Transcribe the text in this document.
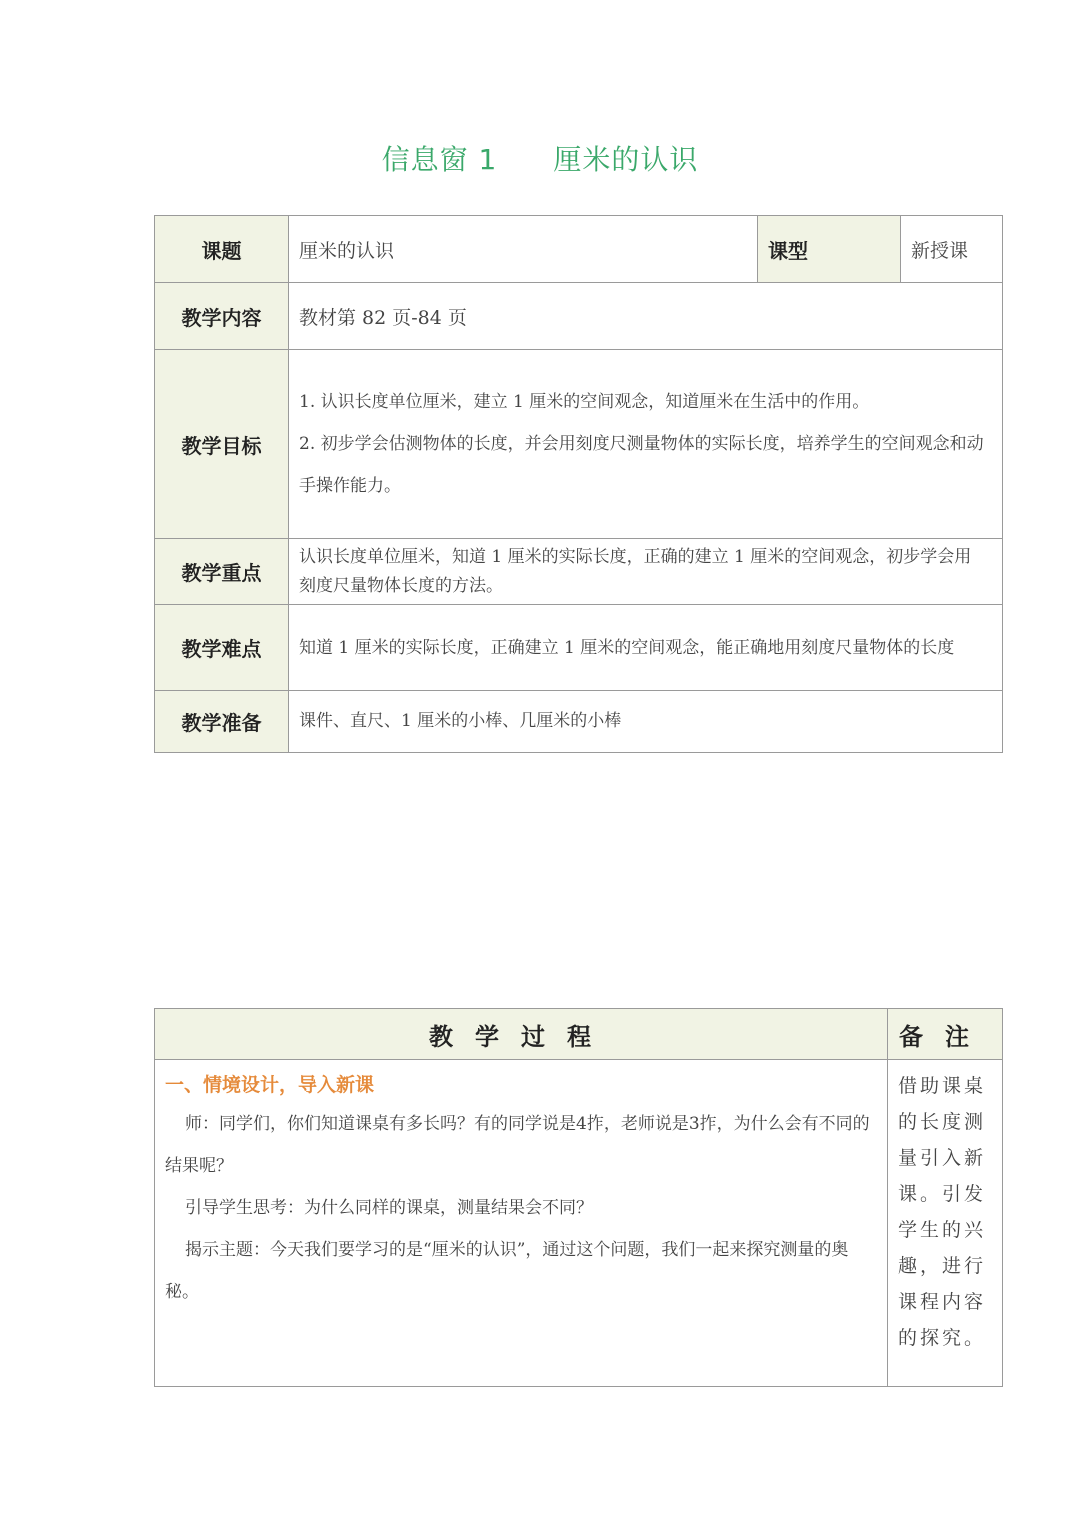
信息窗 1 厘米的认识
课题	厘米的认识	课型	新授课
教学内容	教材第 82 页-84 页		
教学目标	1. 认识长度单位厘米，建立 1 厘米的空间观念，知道厘米在生活中的作用。

2. 初步学会估测物体的长度，并会用刻度尺测量物体的实际长度，培养学生的空间观念和动手操作能力。		

教学重点	认识长度单位厘米，知道 1 厘米的实际长度，正确的建立 1 厘米的空间观念，初步学会用刻度尺量物体长度的方法。		
教学难点	知道 1 厘米的实际长度，正确建立 1 厘米的空间观念，能正确地用刻度尺量物体的长度		
教学准备	课件、直尺、1 厘米的小棒、几厘米的小棒		
教学过程	备注

一、情境设计，导入新课

师：同学们，你们知道课桌有多长吗？有的同学说是4拃，老师说是3拃，为什么会有不同的结果呢？

引导学生思考：为什么同样的课桌，测量结果会不同？

揭示主题：今天我们要学习的是“厘米的认识”，通过这个问题，我们一起来探究测量的奥秘。	借助课桌的长度测量引入新课。引发学生的兴趣，进行课程内容的探究。
